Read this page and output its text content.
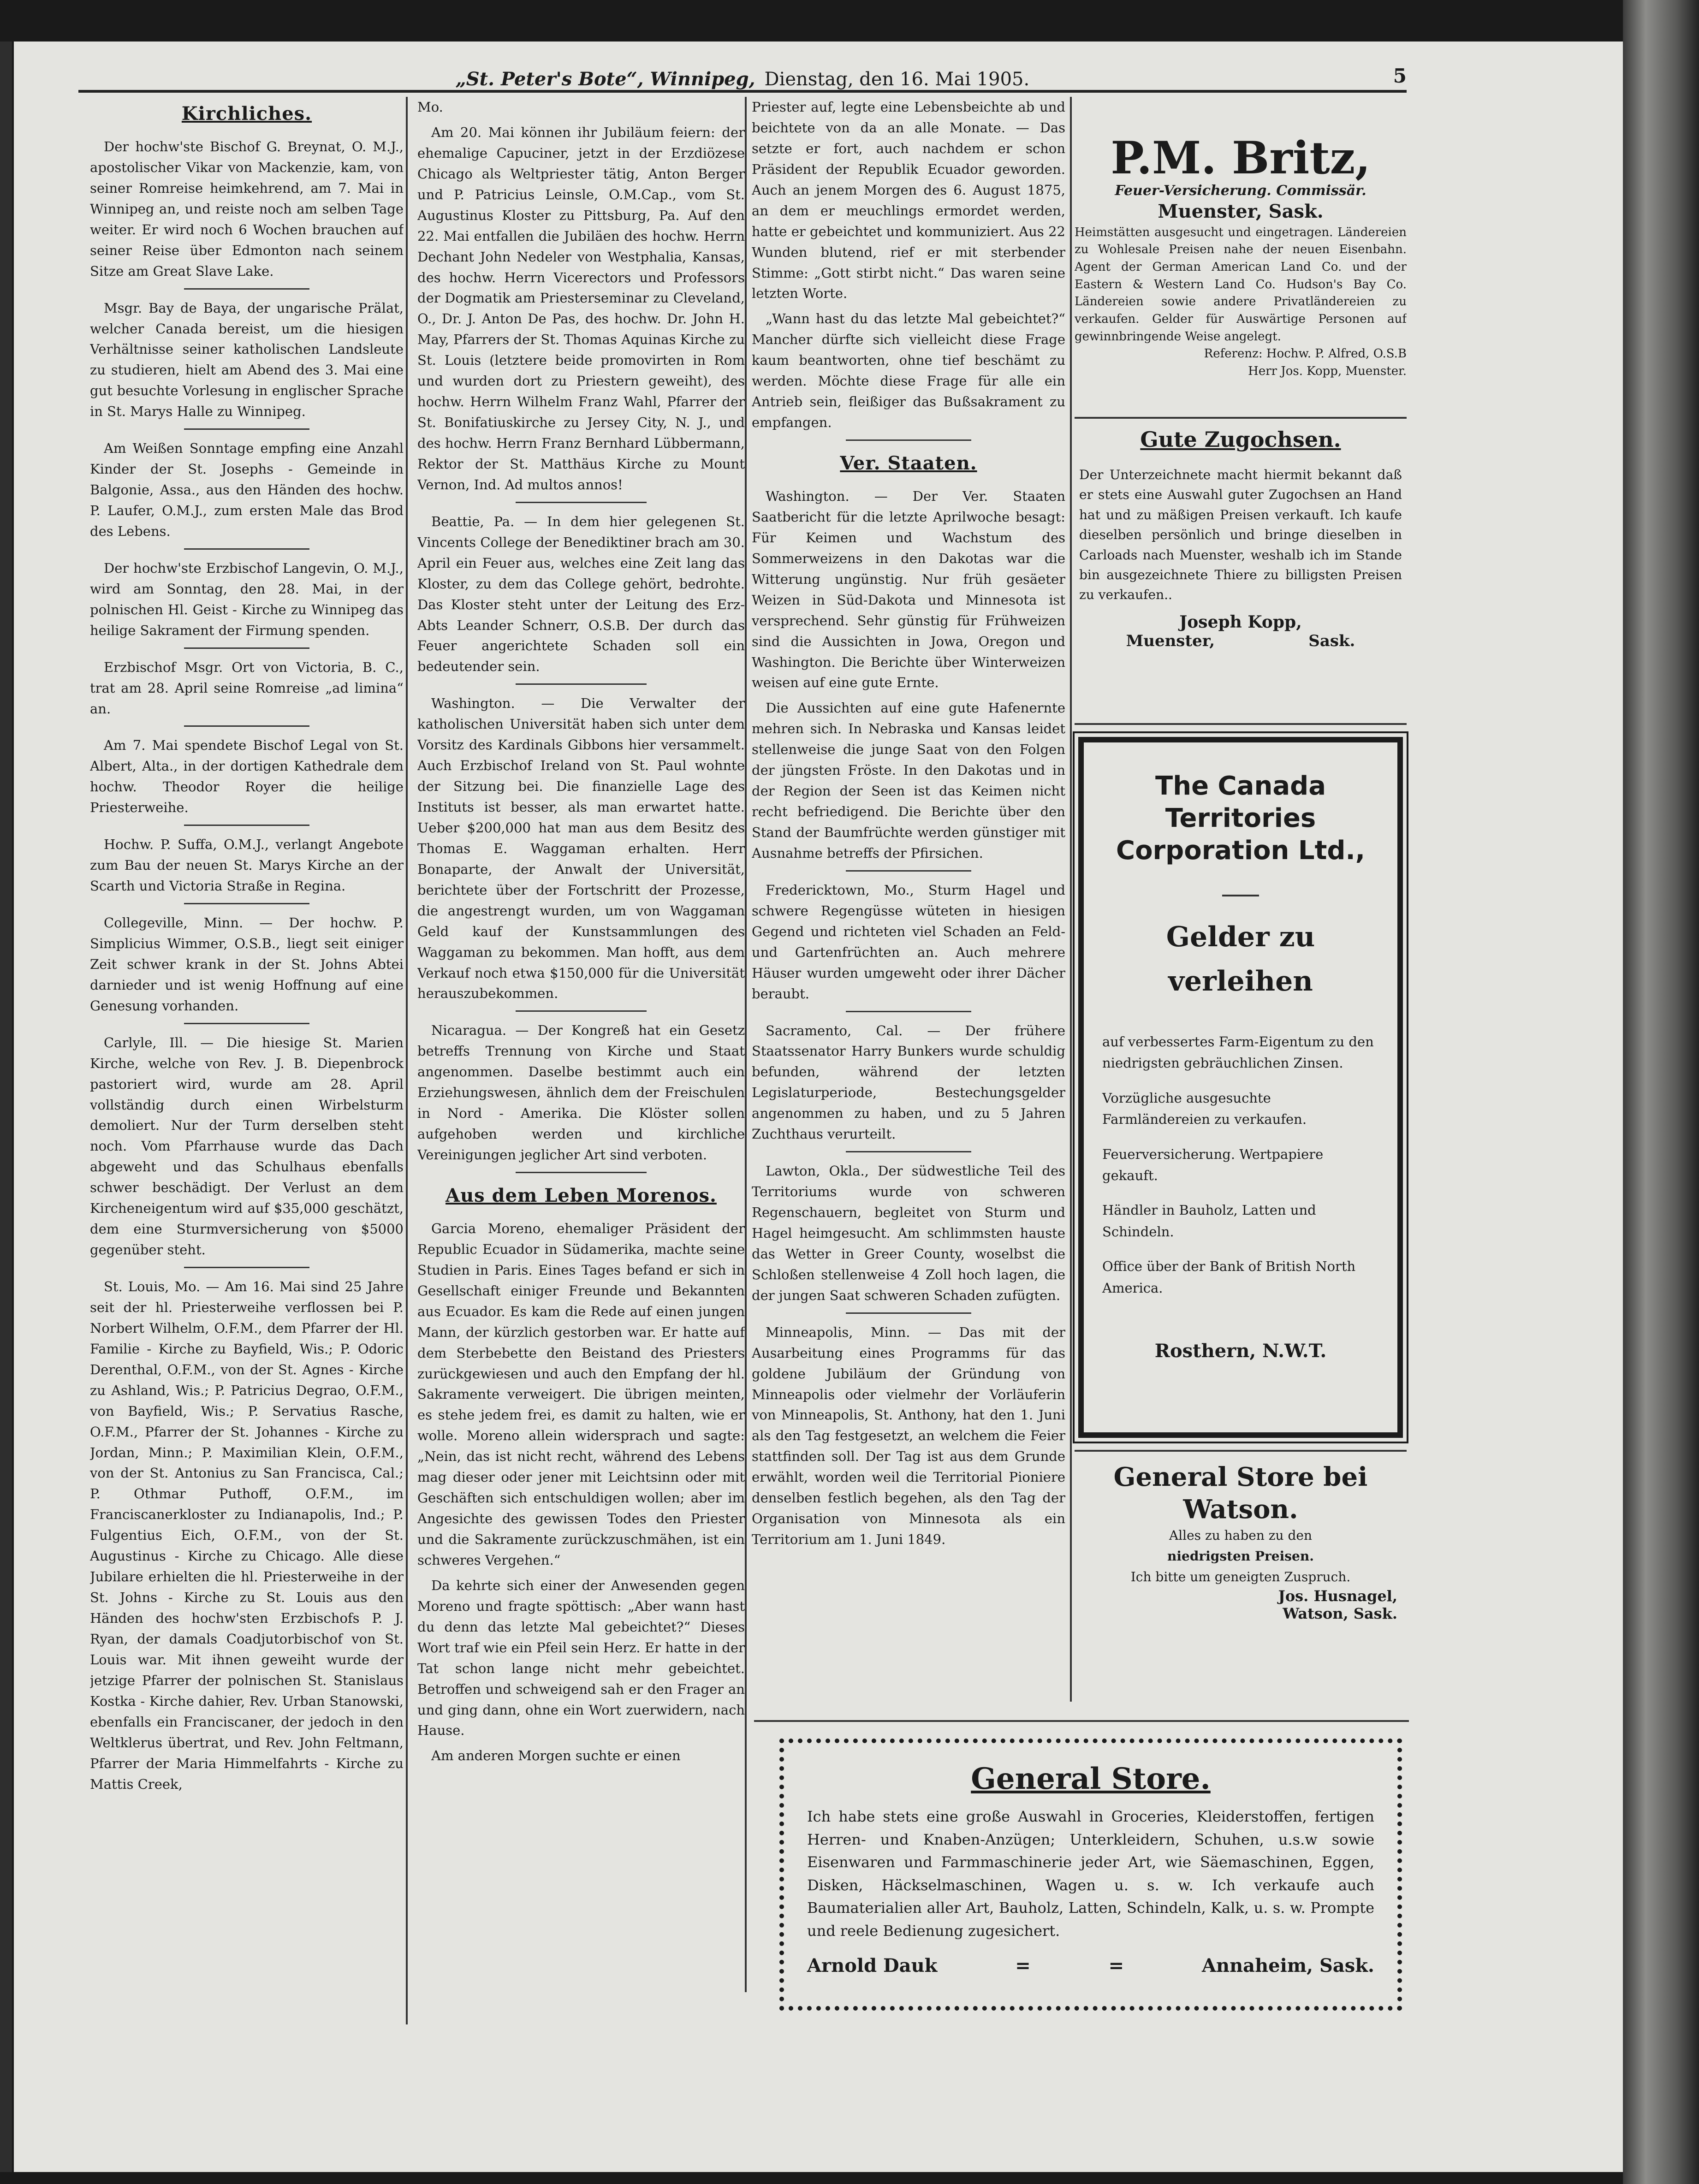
„St. Peter's Bote“, Winnipeg, Dienstag, den 16. Mai 1905.	5
Kirchliches.

Der hochw'ste Bischof G. Breynat, O. M.J., apostolischer Vikar von Mackenzie, kam, von seiner Romreise heimkehrend, am 7. Mai in Winnipeg an, und reiste noch am selben Tage weiter. Er wird noch 6 Wochen brauchen auf seiner Reise über Edmonton nach seinem Sitze am Great Slave Lake.

Msgr. Bay de Baya, der ungarische Prälat, welcher Canada bereist, um die hiesigen Verhältnisse seiner katholischen Landsleute zu studieren, hielt am Abend des 3. Mai eine gut besuchte Vorlesung in englischer Sprache in St. Marys Halle zu Winnipeg.

Am Weißen Sonntage empfing eine Anzahl Kinder der St. Josephs - Gemeinde in Balgonie, Assa., aus den Händen des hochw. P. Laufer, O.M.J., zum ersten Male das Brod des Lebens.

Der hochw'ste Erzbischof Langevin, O. M.J., wird am Sonntag, den 28. Mai, in der polnischen Hl. Geist - Kirche zu Winnipeg das heilige Sakrament der Firmung spenden.

Erzbischof Msgr. Ort von Victoria, B. C., trat am 28. April seine Romreise „ad limina“ an.

Am 7. Mai spendete Bischof Legal von St. Albert, Alta., in der dortigen Kathedrale dem hochw. Theodor Royer die heilige Priesterweihe.

Hochw. P. Suffa, O.M.J., verlangt Angebote zum Bau der neuen St. Marys Kirche an der Scarth und Victoria Straße in Regina.

Collegeville, Minn. — Der hochw. P. Simplicius Wimmer, O.S.B., liegt seit einiger Zeit schwer krank in der St. Johns Abtei darnieder und ist wenig Hoffnung auf eine Genesung vorhanden.

Carlyle, Ill. — Die hiesige St. Marien Kirche, welche von Rev. J. B. Diepenbrock pastoriert wird, wurde am 28. April vollständig durch einen Wirbelsturm demoliert. Nur der Turm derselben steht noch. Vom Pfarrhause wurde das Dach abgeweht und das Schulhaus ebenfalls schwer beschädigt. Der Verlust an dem Kircheneigentum wird auf $35,000 geschätzt, dem eine Sturmversicherung von $5000 gegenüber steht.

St. Louis, Mo. — Am 16. Mai sind 25 Jahre seit der hl. Priesterweihe verflossen bei P. Norbert Wilhelm, O.F.M., dem Pfarrer der Hl. Familie - Kirche zu Bayfield, Wis.; P. Odoric Derenthal, O.F.M., von der St. Agnes - Kirche zu Ashland, Wis.; P. Patricius Degrao, O.F.M., von Bayfield, Wis.; P. Servatius Rasche, O.F.M., Pfarrer der St. Johannes - Kirche zu Jordan, Minn.; P. Maximilian Klein, O.F.M., von der St. Antonius zu San Francisca, Cal.; P. Othmar Puthoff, O.F.M., im Franciscanerkloster zu Indianapolis, Ind.; P. Fulgentius Eich, O.F.M., von der St. Augustinus - Kirche zu Chicago. Alle diese Jubilare erhielten die hl. Priesterweihe in der St. Johns - Kirche zu St. Louis aus den Händen des hochw'sten Erzbischofs P. J. Ryan, der damals Coadjutorbischof von St. Louis war. Mit ihnen geweiht wurde der jetzige Pfarrer der polnischen St. Stanislaus Kostka - Kirche dahier, Rev. Urban Stanowski, ebenfalls ein Franciscaner, der jedoch in den Weltklerus übertrat, und Rev. John Feltmann, Pfarrer der Maria Himmelfahrts - Kirche zu Mattis Creek,

Mo.

Am 20. Mai können ihr Jubiläum feiern: der ehemalige Capuciner, jetzt in der Erzdiözese Chicago als Weltpriester tätig, Anton Berger und P. Patricius Leinsle, O.M.Cap., vom St. Augustinus Kloster zu Pittsburg, Pa. Auf den 22. Mai entfallen die Jubiläen des hochw. Herrn Dechant John Nedeler von Westphalia, Kansas, des hochw. Herrn Vicerectors und Professors der Dogmatik am Priesterseminar zu Cleveland, O., Dr. J. Anton De Pas, des hochw. Dr. John H. May, Pfarrers der St. Thomas Aquinas Kirche zu St. Louis (letztere beide promovirten in Rom und wurden dort zu Priestern geweiht), des hochw. Herrn Wilhelm Franz Wahl, Pfarrer der St. Bonifatiuskirche zu Jersey City, N. J., und des hochw. Herrn Franz Bernhard Lübbermann, Rektor der St. Matthäus Kirche zu Mount Vernon, Ind. Ad multos annos!

Beattie, Pa. — In dem hier gelegenen St. Vincents College der Benediktiner brach am 30. April ein Feuer aus, welches eine Zeit lang das Kloster, zu dem das College gehört, bedrohte. Das Kloster steht unter der Leitung des Erz-Abts Leander Schnerr, O.S.B. Der durch das Feuer angerichtete Schaden soll ein bedeutender sein.

Washington. — Die Verwalter der katholischen Universität haben sich unter dem Vorsitz des Kardinals Gibbons hier versammelt. Auch Erzbischof Ireland von St. Paul wohnte der Sitzung bei. Die finanzielle Lage des Instituts ist besser, als man erwartet hatte. Ueber $200,000 hat man aus dem Besitz des Thomas E. Waggaman erhalten. Herr Bonaparte, der Anwalt der Universität, berichtete über der Fortschritt der Prozesse, die angestrengt wurden, um von Waggaman Geld kauf der Kunstsammlungen des Waggaman zu bekommen. Man hofft, aus dem Verkauf noch etwa $150,000 für die Universität herauszubekommen.

Nicaragua. — Der Kongreß hat ein Gesetz betreffs Trennung von Kirche und Staat angenommen. Daselbe bestimmt auch ein Erziehungswesen, ähnlich dem der Freischulen in Nord - Amerika. Die Klöster sollen aufgehoben werden und kirchliche Vereinigungen jeglicher Art sind verboten.

Aus dem Leben Morenos.

Garcia Moreno, ehemaliger Präsident der Republic Ecuador in Südamerika, machte seine Studien in Paris. Eines Tages befand er sich in Gesellschaft einiger Freunde und Bekannten aus Ecuador. Es kam die Rede auf einen jungen Mann, der kürzlich gestorben war. Er hatte auf dem Sterbebette den Beistand des Priesters zurückgewiesen und auch den Empfang der hl. Sakramente verweigert. Die übrigen meinten, es stehe jedem frei, es damit zu halten, wie er wolle. Moreno allein widersprach und sagte: „Nein, das ist nicht recht, während des Lebens mag dieser oder jener mit Leichtsinn oder mit Geschäften sich entschuldigen wollen; aber im Angesichte des gewissen Todes den Priester und die Sakramente zurückzuschmähen, ist ein schweres Vergehen.“

Da kehrte sich einer der Anwesenden gegen Moreno und fragte spöttisch: „Aber wann hast du denn das letzte Mal gebeichtet?“ Dieses Wort traf wie ein Pfeil sein Herz. Er hatte in der Tat schon lange nicht mehr gebeichtet. Betroffen und schweigend sah er den Frager an und ging dann, ohne ein Wort zuerwidern, nach Hause.

Am anderen Morgen suchte er einen

Priester auf, legte eine Lebensbeichte ab und beichtete von da an alle Monate. — Das setzte er fort, auch nachdem er schon Präsident der Republik Ecuador geworden. Auch an jenem Morgen des 6. August 1875, an dem er meuchlings ermordet werden, hatte er gebeichtet und kommuniziert. Aus 22 Wunden blutend, rief er mit sterbender Stimme: „Gott stirbt nicht.“ Das waren seine letzten Worte.

„Wann hast du das letzte Mal gebeichtet?“ Mancher dürfte sich vielleicht diese Frage kaum beantworten, ohne tief beschämt zu werden. Möchte diese Frage für alle ein Antrieb sein, fleißiger das Bußsakrament zu empfangen.

Ver. Staaten.

Washington. — Der Ver. Staaten Saatbericht für die letzte Aprilwoche besagt: Für Keimen und Wachstum des Sommerweizens in den Dakotas war die Witterung ungünstig. Nur früh gesäeter Weizen in Süd-Dakota und Minnesota ist versprechend. Sehr günstig für Frühweizen sind die Aussichten in Jowa, Oregon und Washington. Die Berichte über Winterweizen weisen auf eine gute Ernte.

Die Aussichten auf eine gute Hafenernte mehren sich. In Nebraska und Kansas leidet stellenweise die junge Saat von den Folgen der jüngsten Fröste. In den Dakotas und in der Region der Seen ist das Keimen nicht recht befriedigend. Die Berichte über den Stand der Baumfrüchte werden günstiger mit Ausnahme betreffs der Pfirsichen.

Fredericktown, Mo., Sturm Hagel und schwere Regengüsse wüteten in hiesigen Gegend und richteten viel Schaden an Feld- und Gartenfrüchten an. Auch mehrere Häuser wurden umgeweht oder ihrer Dächer beraubt.

Sacramento, Cal. — Der frühere Staatssenator Harry Bunkers wurde schuldig befunden, während der letzten Legislaturperiode, Bestechungsgelder angenommen zu haben, und zu 5 Jahren Zuchthaus verurteilt.

Lawton, Okla., Der südwestliche Teil des Territoriums wurde von schweren Regenschauern, begleitet von Sturm und Hagel heimgesucht. Am schlimmsten hauste das Wetter in Greer County, woselbst die Schloßen stellenweise 4 Zoll hoch lagen, die der jungen Saat schweren Schaden zufügten.

Minneapolis, Minn. — Das mit der Ausarbeitung eines Programms für das goldene Jubiläum der Gründung von Minneapolis oder vielmehr der Vorläuferin von Minneapolis, St. Anthony, hat den 1. Juni als den Tag festgesetzt, an welchem die Feier stattfinden soll. Der Tag ist aus dem Grunde erwählt, worden weil die Territorial Pioniere denselben festlich begehen, als den Tag der Organisation von Minnesota als ein Territorium am 1. Juni 1849.

P.M. Britz,
Feuer-Versicherung. Commissär.
Muenster, Sask.
Heimstätten ausgesucht und eingetragen. Ländereien zu Wohlesale Preisen nahe der neuen Eisenbahn. Agent der German American Land Co. und der Eastern & Western Land Co. Hudson's Bay Co. Ländereien sowie andere Privatländereien zu verkaufen. Gelder für Auswärtige Personen auf gewinnbringende Weise angelegt.
Referenz: Hochw. P. Alfred, O.S.B
Herr Jos. Kopp, Muenster.
Gute Zugochsen.
Der Unterzeichnete macht hiermit bekannt daß er stets eine Auswahl guter Zugochsen an Hand hat und zu mäßigen Preisen verkauft. Ich kaufe dieselben persönlich und bringe dieselben in Carloads nach Muenster, weshalb ich im Stande bin ausgezeichnete Thiere zu billigsten Preisen zu verkaufen..
Joseph Kopp,
Muenster,	Sask.
The Canada Territories Corporation Ltd.,
Gelder zu verleihen

auf verbessertes Farm-Eigentum zu den niedrigsten gebräuchlichen Zinsen.

Vorzügliche ausgesuchte Farmländereien zu verkaufen.

Feuerversicherung. Wertpapiere gekauft.

Händler in Bauholz, Latten und Schindeln.

Office über der Bank of British North America.

Rosthern, N.W.T.
General Store bei Watson.
Alles zu haben zu den
niedrigsten Preisen.
Ich bitte um geneigten Zuspruch.
Jos. Husnagel,
Watson, Sask.
General Store.
Ich habe stets eine große Auswahl in Groceries, Kleiderstoffen, fertigen Herren- und Knaben-Anzügen; Unterkleidern, Schuhen, u.s.w sowie Eisenwaren und Farmmaschinerie jeder Art, wie Säemaschinen, Eggen, Disken, Häckselmaschinen, Wagen u. s. w. Ich verkaufe auch Baumaterialien aller Art, Bauholz, Latten, Schindeln, Kalk, u. s. w. Prompte und reele Bedienung zugesichert.
Arnold Dauk	=	=	Annaheim, Sask.
